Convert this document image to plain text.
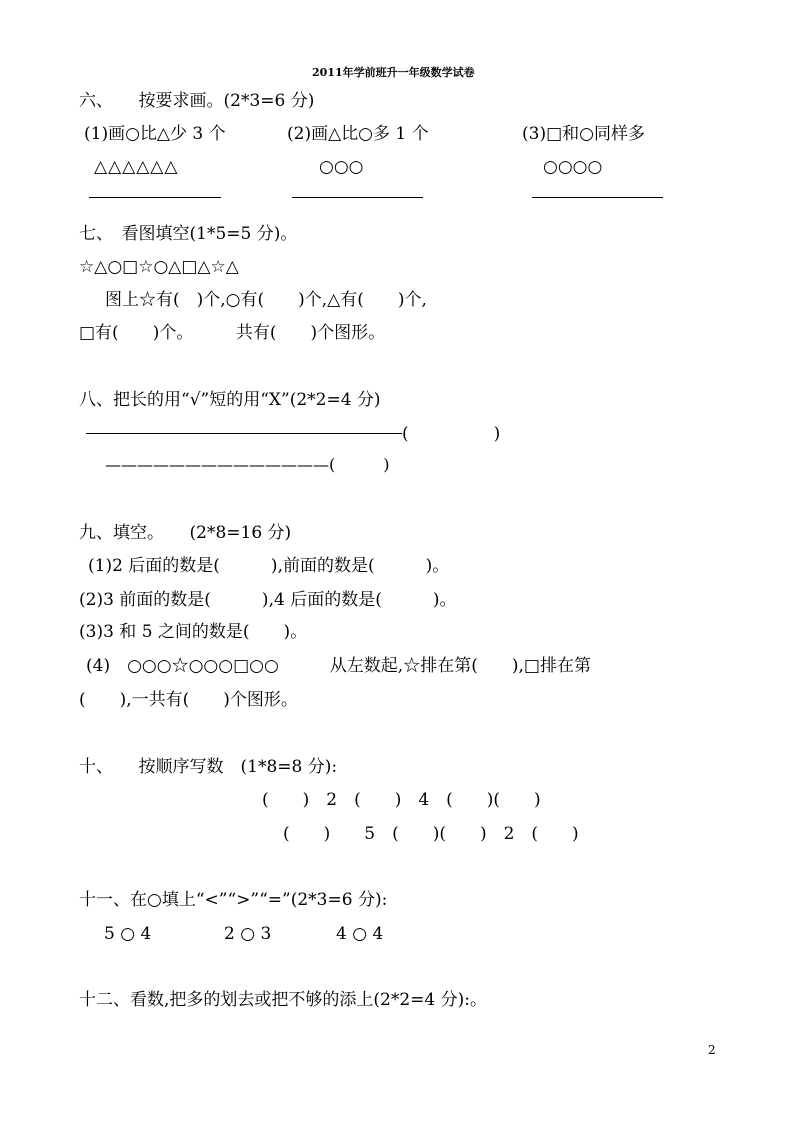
2011年学前班升一年级数学试卷
六、　　按要求画。(2*3=6 分)
(1)画○比△少 3 个	(2)画△比○多 1 个	(3)□和○同样多
△△△△△△	○○○	○○○○
七、　看图填空(1*5=5 分)。
☆△○□☆○△□△☆△
图上☆有(　)个,○有(　　)个,△有(　　)个,
□有(　　)个。　　　共有(　　)个图形。
八、把长的用“√”短的用“X”(2*2=4 分)
(　　　　　)
——————————————(　　　)
九、填空。　　(2*8=16 分)
(1)2 后面的数是(　　　),前面的数是(　　　)。
(2)3 前面的数是(　　　),4 后面的数是(　　　)。
(3)3 和 5 之间的数是(　　)。
(4)　○○○☆○○○□○○　　　从左数起,☆排在第(　　),□排在第
(　　),一共有(　　)个图形。
十、　　按顺序写数　(1*8=8 分):
(　　)　2　(　　)　4　(　　)(　　)
(　　)　　5　(　　)(　　)　2　(　　)
十一、在○填上“<”“>”“=”(2*3=6 分):
5 ○ 4	2 ○ 3	4 ○ 4
十二、看数,把多的划去或把不够的添上(2*2=4 分):。
2
